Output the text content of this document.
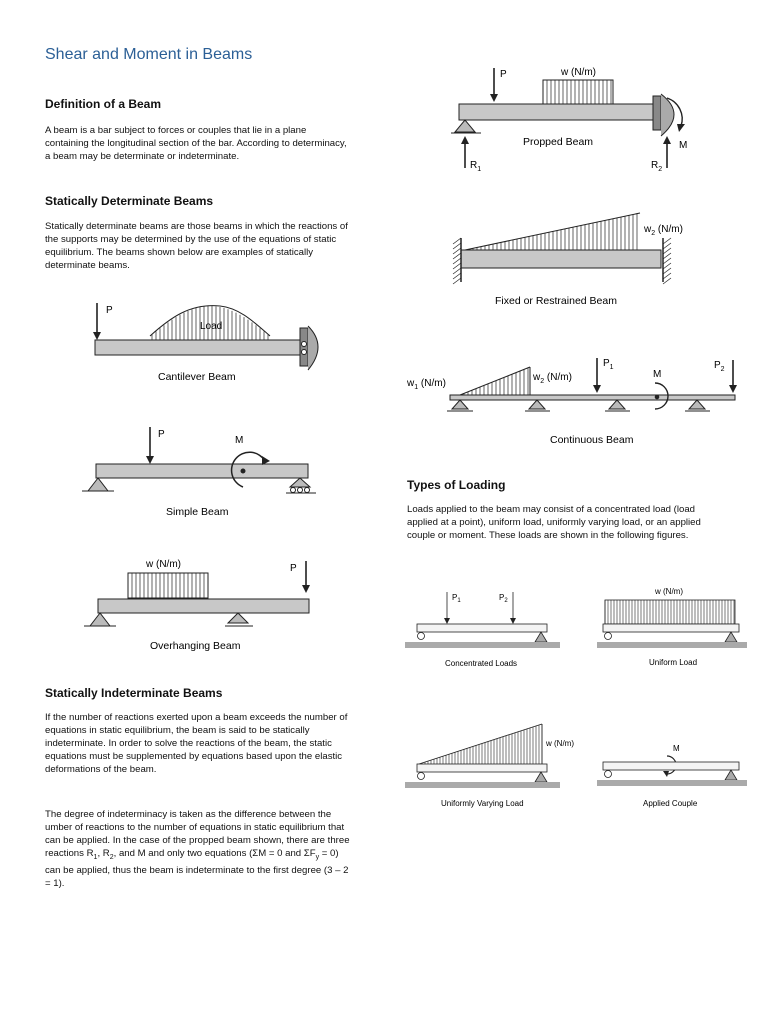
Shear and Moment in Beams
Definition of a Beam
A beam is a bar subject to forces or couples that lie in a plane containing the longitudinal section of the bar. According to determinacy, a beam may be determinate or indeterminate.
Statically Determinate Beams
Statically determinate beams are those beams in which the reactions of the supports may be determined by the use of the equations of static equilibrium. The beams shown below are examples of statically determinate beams.
Statically Indeterminate Beams
If the number of reactions exerted upon a beam exceeds the number of equations in static equilibrium, the beam is said to be statically indeterminate. In order to solve the reactions of the beam, the static equations must be supplemented by equations based upon the elastic deformations of the beam.
The degree of indeterminacy is taken as the difference between the umber of reactions to the number of equations in static equilibrium that can be applied. In the case of the propped beam shown, there are three reactions $R_1$, $R_2$, and M and only two equations (ΣM = 0 and $\Sigma F_y = 0$) can be applied, thus the beam is indeterminate to the first degree (3 – 2 = 1).
Types of Loading
Loads applied to the beam may consist of a concentrated load (load applied at a point), uniform load, uniformly varying load, or an applied couple or moment. These loads are shown in the following figures.
P
Load
Cantilever Beam
P
M
Simple Beam
w (N/m)	P
Overhanging Beam
P	w (N/m)
Propped Beam
$R_1$	$R_2$
M
$w_2$ (N/m)
Fixed or Restrained Beam
$w_1$ (N/m)
$w_2$ (N/m)
$P_1$	$P_2$
M
Continuous Beam
$P_1$	$P_2$
Concentrated Loads
w (N/m)
Uniform Load
w (N/m)
Uniformly Varying Load
M
Applied Couple
